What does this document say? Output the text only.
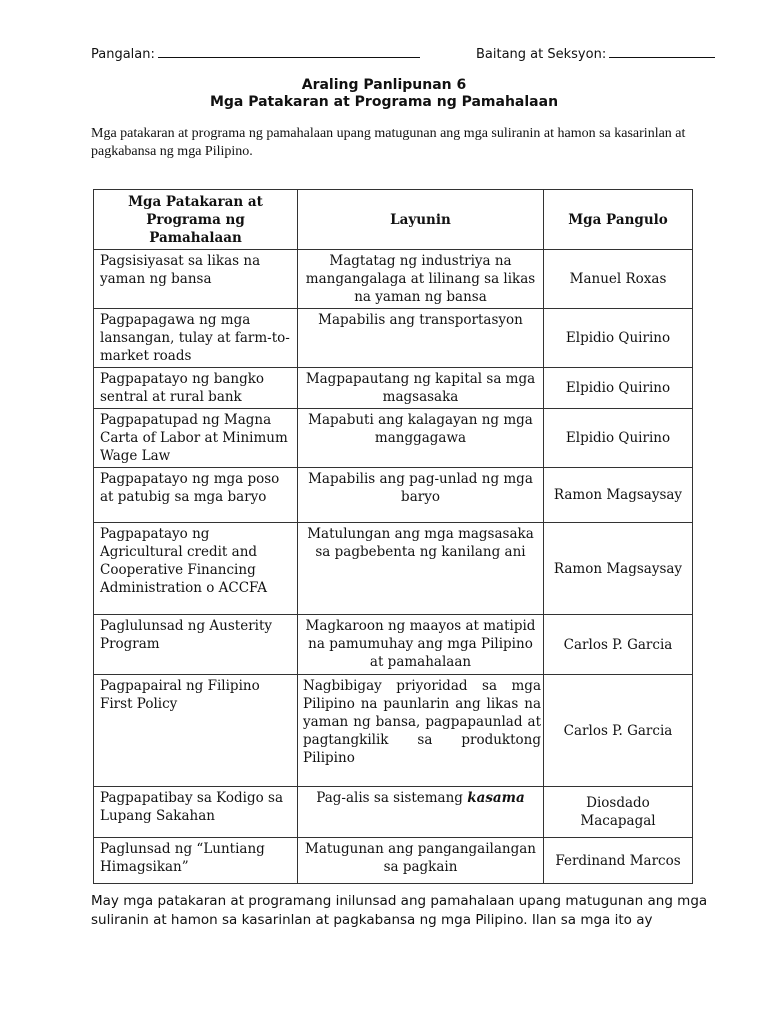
Pangalan:	Baitang at Seksyon:
Araling Panlipunan 6
Mga Patakaran at Programa ng Pamahalaan
Mga patakaran at programa ng pamahalaan upang matugunan ang mga suliranin at hamon sa kasarinlan at pagkabansa ng mga Pilipino.
Mga Patakaran at Programa ng Pamahalaan	Layunin	Mga Pangulo
Pagsisiyasat sa likas na yaman ng bansa	Magtatag ng industriya na mangangalaga at lilinang sa likas na yaman ng bansa	Manuel Roxas
Pagpapagawa ng mga lansangan, tulay at farm-to-market roads	Mapabilis ang transportasyon	Elpidio Quirino
Pagpapatayo ng bangko sentral at rural bank	Magpapautang ng kapital sa mga magsasaka	Elpidio Quirino
Pagpapatupad ng Magna Carta of Labor at Minimum Wage Law	Mapabuti ang kalagayan ng mga manggagawa	Elpidio Quirino
Pagpapatayo ng mga poso at patubig sa mga baryo	Mapabilis ang pag-unlad ng mga baryo	Ramon Magsaysay
Pagpapatayo ng Agricultural credit and Cooperative Financing Administration o ACCFA	Matulungan ang mga magsasaka sa pagbebenta ng kanilang ani	Ramon Magsaysay
Paglulunsad ng Austerity Program	Magkaroon ng maayos at matipid na pamumuhay ang mga Pilipino at pamahalaan	Carlos P. Garcia
Pagpapairal ng Filipino First Policy	Nagbibigay priyoridad sa mga Pilipino na paunlarin ang likas na yaman ng bansa, pagpapaunlad at pagtangkilik sa produktong Pilipino	Carlos P. Garcia
Pagpapatibay sa Kodigo sa Lupang Sakahan	Pag-alis sa sistemang kasama	Diosdado Macapagal
Paglunsad ng “Luntiang Himagsikan”	Matugunan ang pangangailangan sa pagkain	Ferdinand Marcos
May mga patakaran at programang inilunsad ang pamahalaan upang matugunan ang mga suliranin at hamon sa kasarinlan at pagkabansa ng mga Pilipino. Ilan sa mga ito ay
